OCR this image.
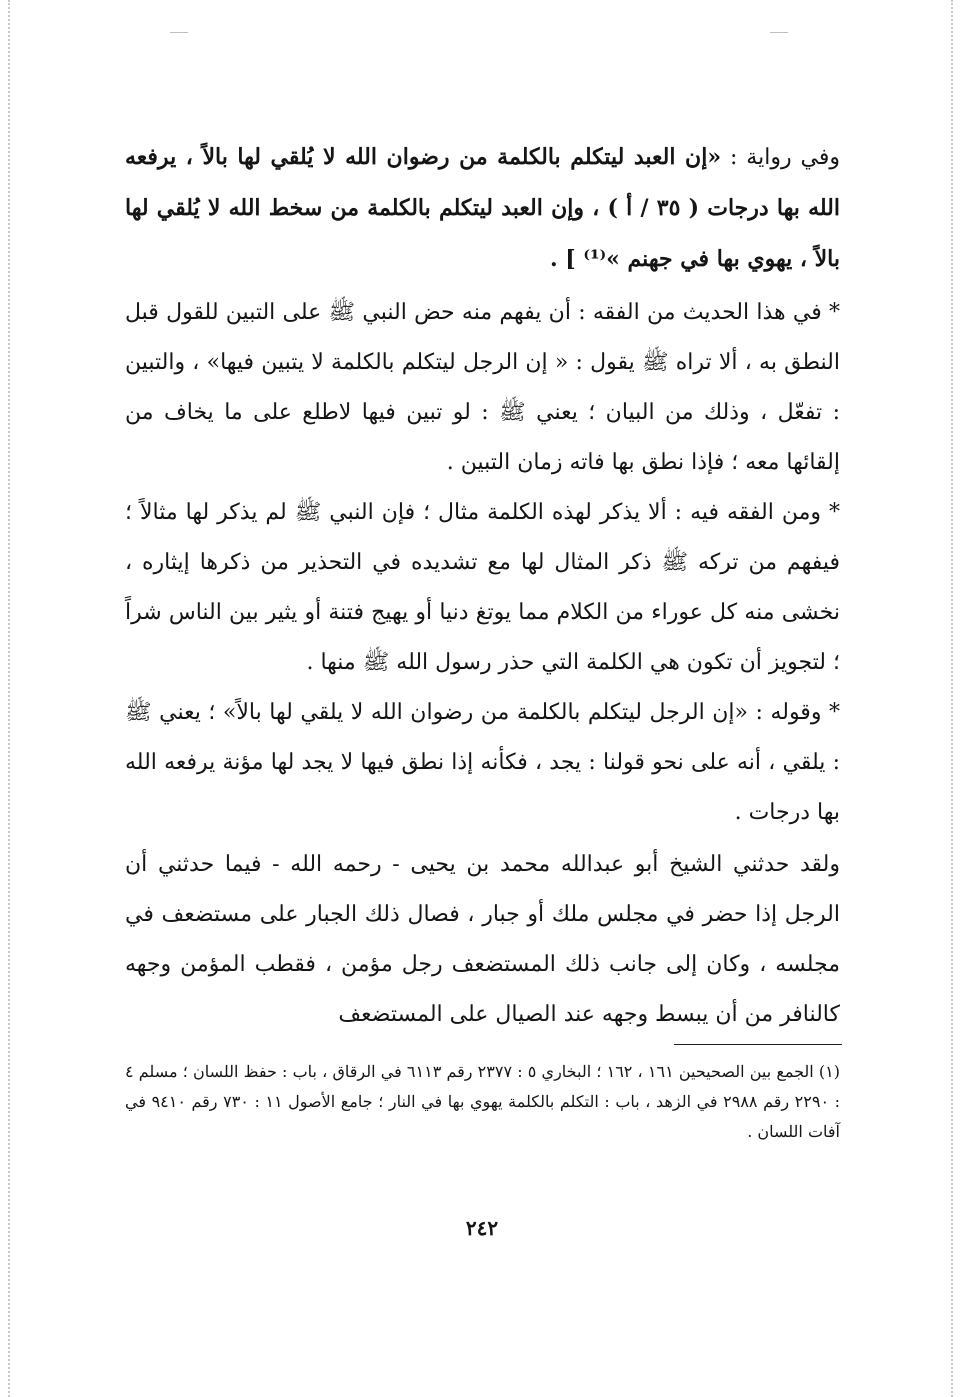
وفي رواية : «إن العبد ليتكلم بالكلمة من رضوان الله لا يُلقي لها بالاً ، يرفعه الله بها درجات ( ٣٥ / أ ) ، وإن العبد ليتكلم بالكلمة من سخط الله لا يُلقي لها بالاً ، يهوي بها في جهنم »⁽¹⁾ ] .

* في هذا الحديث من الفقه : أن يفهم منه حض النبي ﷺ على التبين للقول قبل النطق به ، ألا تراه ﷺ يقول : « إن الرجل ليتكلم بالكلمة لا يتبين فيها» ، والتبين : تفعّل ، وذلك من البيان ؛ يعني ﷺ : لو تبين فيها لاطلع على ما يخاف من إلقائها معه ؛ فإذا نطق بها فاته زمان التبين .

* ومن الفقه فيه : ألا يذكر لهذه الكلمة مثال ؛ فإن النبي ﷺ لم يذكر لها مثالاً ؛ فيفهم من تركه ﷺ ذكر المثال لها مع تشديده في التحذير من ذكرها إيثاره ، نخشى منه كل عوراء من الكلام مما يوتغ دنيا أو يهيج فتنة أو يثير بين الناس شراً ؛ لتجويز أن تكون هي الكلمة التي حذر رسول الله ﷺ منها .

* وقوله : «إن الرجل ليتكلم بالكلمة من رضوان الله لا يلقي لها بالاً» ؛ يعني ﷺ : يلقي ، أنه على نحو قولنا : يجد ، فكأنه إذا نطق فيها لا يجد لها مؤنة يرفعه الله بها درجات .

ولقد حدثني الشيخ أبو عبدالله محمد بن يحيى - رحمه الله - فيما حدثني أن الرجل إذا حضر في مجلس ملك أو جبار ، فصال ذلك الجبار على مستضعف في مجلسه ، وكان إلى جانب ذلك المستضعف رجل مؤمن ، فقطب المؤمن وجهه كالنافر من أن يبسط وجهه عند الصيال على المستضعف

(١) الجمع بين الصحيحين ١٦١ ، ١٦٢ ؛ البخاري ٥ : ٢٣٧٧ رقم ٦١١٣ في الرقاق ، باب : حفظ اللسان ؛ مسلم ٤ : ٢٢٩٠ رقم ٢٩٨٨ في الزهد ، باب : التكلم بالكلمة يهوي بها في النار ؛ جامع الأصول ١١ : ٧٣٠ رقم ٩٤١٠ في آفات اللسان .

٢٤٢
